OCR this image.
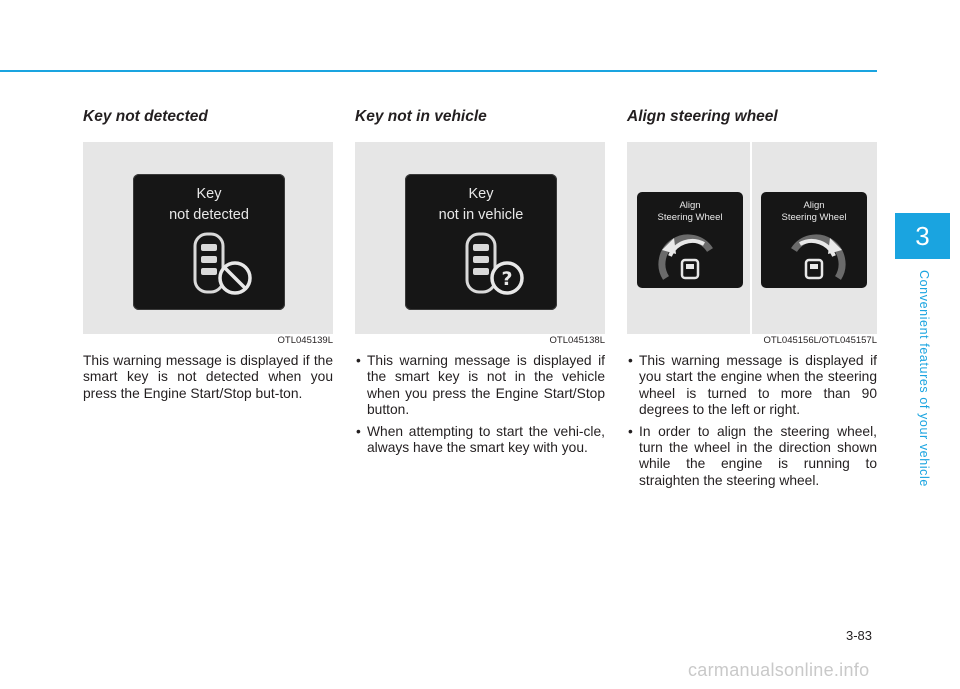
3
Convenient features of your vehicle
Key not detected
Key
not detected
OTL045139L

This warning message is displayed if the smart key is not detected when you press the Engine Start/Stop but-ton.

Key not in vehicle
Key
not in vehicle
?
OTL045138L
• This warning message is displayed if the smart key is not in the vehicle when you press the Engine Start/Stop button.
• When attempting to start the vehi-cle, always have the smart key with you.
Align steering wheel
Align
Steering Wheel
Align
Steering Wheel
OTL045156L/OTL045157L
• This warning message is displayed if you start the engine when the steering wheel is turned to more than 90 degrees to the left or right.
• In order to align the steering wheel, turn the wheel in the direction shown while the engine is running to straighten the steering wheel.
3-83
carmanualsonline.info
